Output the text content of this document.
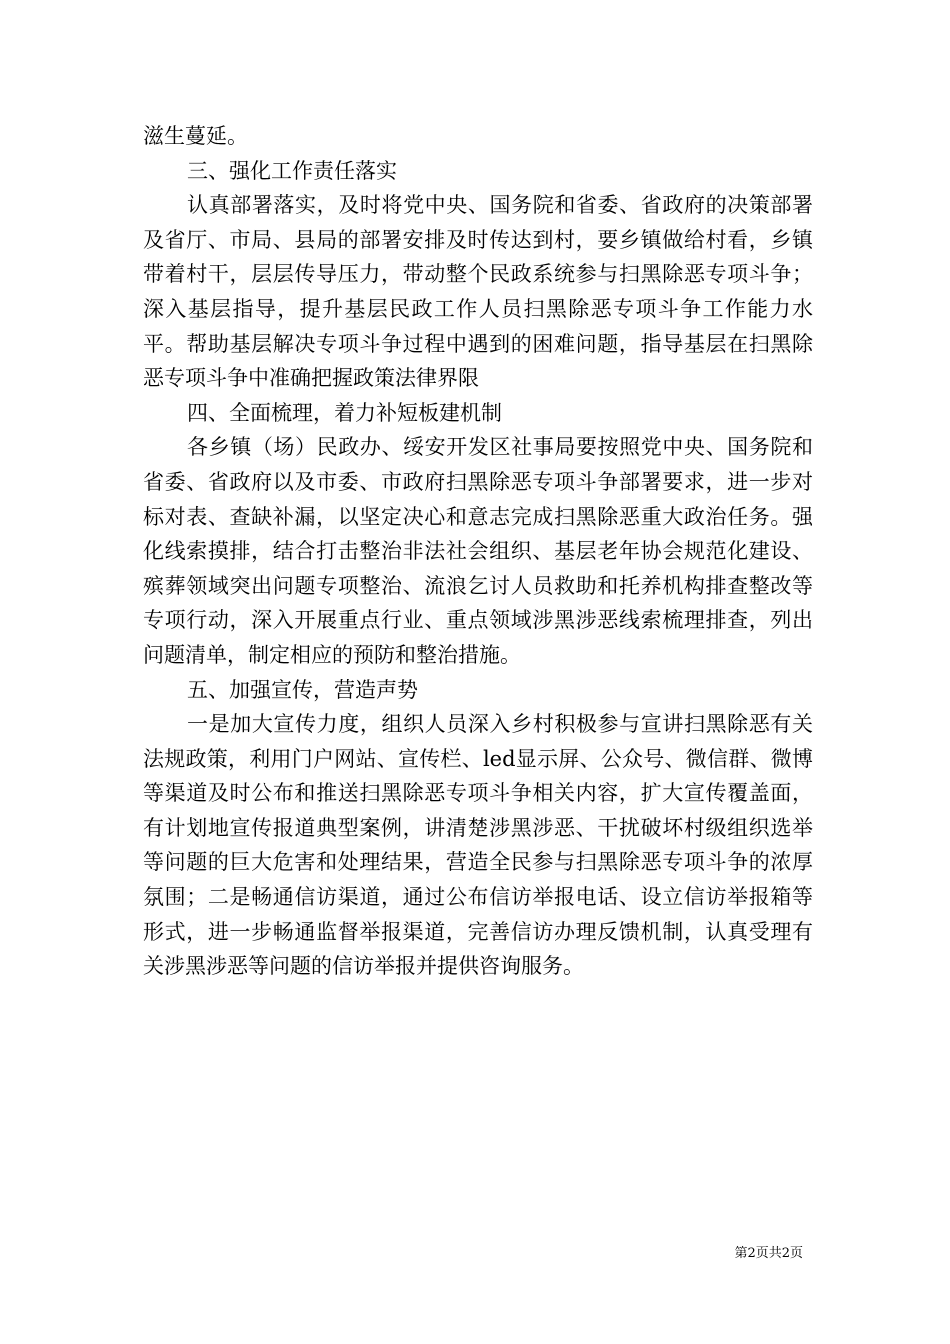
滋生蔓延。

三、强化工作责任落实

认真部署落实，及时将党中央、国务院和省委、省政府的决策部署及省厅、市局、县局的部署安排及时传达到村，要乡镇做给村看，乡镇带着村干，层层传导压力，带动整个民政系统参与扫黑除恶专项斗争；深入基层指导，提升基层民政工作人员扫黑除恶专项斗争工作能力水平。帮助基层解决专项斗争过程中遇到的困难问题，指导基层在扫黑除恶专项斗争中准确把握政策法律界限

四、全面梳理，着力补短板建机制

各乡镇（场）民政办、绥安开发区社事局要按照党中央、国务院和省委、省政府以及市委、市政府扫黑除恶专项斗争部署要求，进一步对标对表、查缺补漏，以坚定决心和意志完成扫黑除恶重大政治任务。强化线索摸排，结合打击整治非法社会组织、基层老年协会规范化建设、殡葬领域突出问题专项整治、流浪乞讨人员救助和托养机构排查整改等专项行动，深入开展重点行业、重点领域涉黑涉恶线索梳理排查，列出问题清单，制定相应的预防和整治措施。

五、加强宣传，营造声势

一是加大宣传力度，组织人员深入乡村积极参与宣讲扫黑除恶有关法规政策，利用门户网站、宣传栏、led显示屏、公众号、微信群、微博等渠道及时公布和推送扫黑除恶专项斗争相关内容，扩大宣传覆盖面，有计划地宣传报道典型案例，讲清楚涉黑涉恶、干扰破坏村级组织选举等问题的巨大危害和处理结果，营造全民参与扫黑除恶专项斗争的浓厚氛围；二是畅通信访渠道，通过公布信访举报电话、设立信访举报箱等形式，进一步畅通监督举报渠道，完善信访办理反馈机制，认真受理有关涉黑涉恶等问题的信访举报并提供咨询服务。

第2页共2页
